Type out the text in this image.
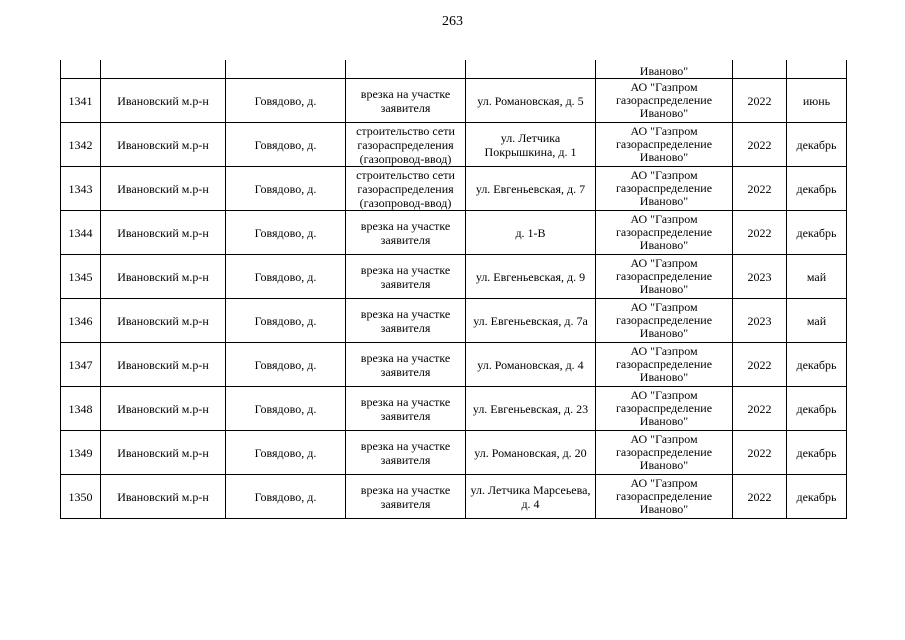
263
					Иваново"		
1341	Ивановский м.р-н	Говядово, д.	врезка на участке заявителя	ул. Романовская, д. 5	АО "Газпром газораспределение Иваново"	2022	июнь
1342	Ивановский м.р-н	Говядово, д.	строительство сети газораспределения (газопровод-ввод)	ул. Летчика Покрышкина, д. 1	АО "Газпром газораспределение Иваново"	2022	декабрь
1343	Ивановский м.р-н	Говядово, д.	строительство сети газораспределения (газопровод-ввод)	ул. Евгеньевская, д. 7	АО "Газпром газораспределение Иваново"	2022	декабрь
1344	Ивановский м.р-н	Говядово, д.	врезка на участке заявителя	д. 1-В	АО "Газпром газораспределение Иваново"	2022	декабрь
1345	Ивановский м.р-н	Говядово, д.	врезка на участке заявителя	ул. Евгеньевская, д. 9	АО "Газпром газораспределение Иваново"	2023	май
1346	Ивановский м.р-н	Говядово, д.	врезка на участке заявителя	ул. Евгеньевская, д. 7а	АО "Газпром газораспределение Иваново"	2023	май
1347	Ивановский м.р-н	Говядово, д.	врезка на участке заявителя	ул. Романовская, д. 4	АО "Газпром газораспределение Иваново"	2022	декабрь
1348	Ивановский м.р-н	Говядово, д.	врезка на участке заявителя	ул. Евгеньевская, д. 23	АО "Газпром газораспределение Иваново"	2022	декабрь
1349	Ивановский м.р-н	Говядово, д.	врезка на участке заявителя	ул. Романовская, д. 20	АО "Газпром газораспределение Иваново"	2022	декабрь
1350	Ивановский м.р-н	Говядово, д.	врезка на участке заявителя	ул. Летчика Марсеьева, д. 4	АО "Газпром газораспределение Иваново"	2022	декабрь
